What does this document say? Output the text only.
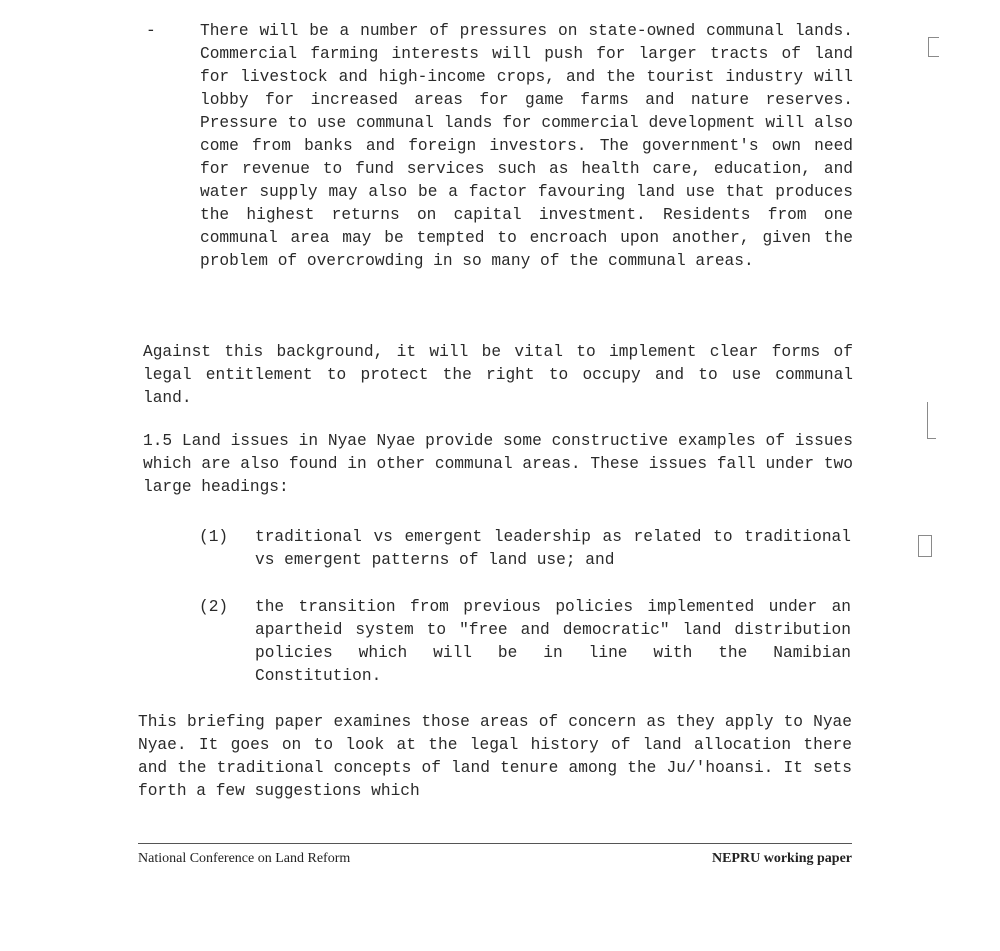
-	There will be a number of pressures on state-owned communal lands. Commercial farming interests will push for larger tracts of land for livestock and high-income crops, and the tourist industry will lobby for increased areas for game farms and nature reserves. Pressure to use communal lands for commercial development will also come from banks and foreign investors. The government's own need for revenue to fund services such as health care, education, and water supply may also be a factor favouring land use that produces the highest returns on capital investment. Residents from one communal area may be tempted to encroach upon another, given the problem of overcrowding in so many of the communal areas.

Against this background, it will be vital to implement clear forms of legal entitlement to protect the right to occupy and to use communal land.

1.5 Land issues in Nyae Nyae provide some constructive examples of issues which are also found in other communal areas. These issues fall under two large headings:

(1) traditional vs emergent leadership as related to traditional vs emergent patterns of land use; and

(2) the transition from previous policies implemented under an apartheid system to "free and democratic" land distribution policies which will be in line with the Namibian Constitution.

This briefing paper examines those areas of concern as they apply to Nyae Nyae. It goes on to look at the legal history of land allocation there and the traditional concepts of land tenure among the Ju/'hoansi. It sets forth a few suggestions which

National Conference on Land Reform	NEPRU working paper
